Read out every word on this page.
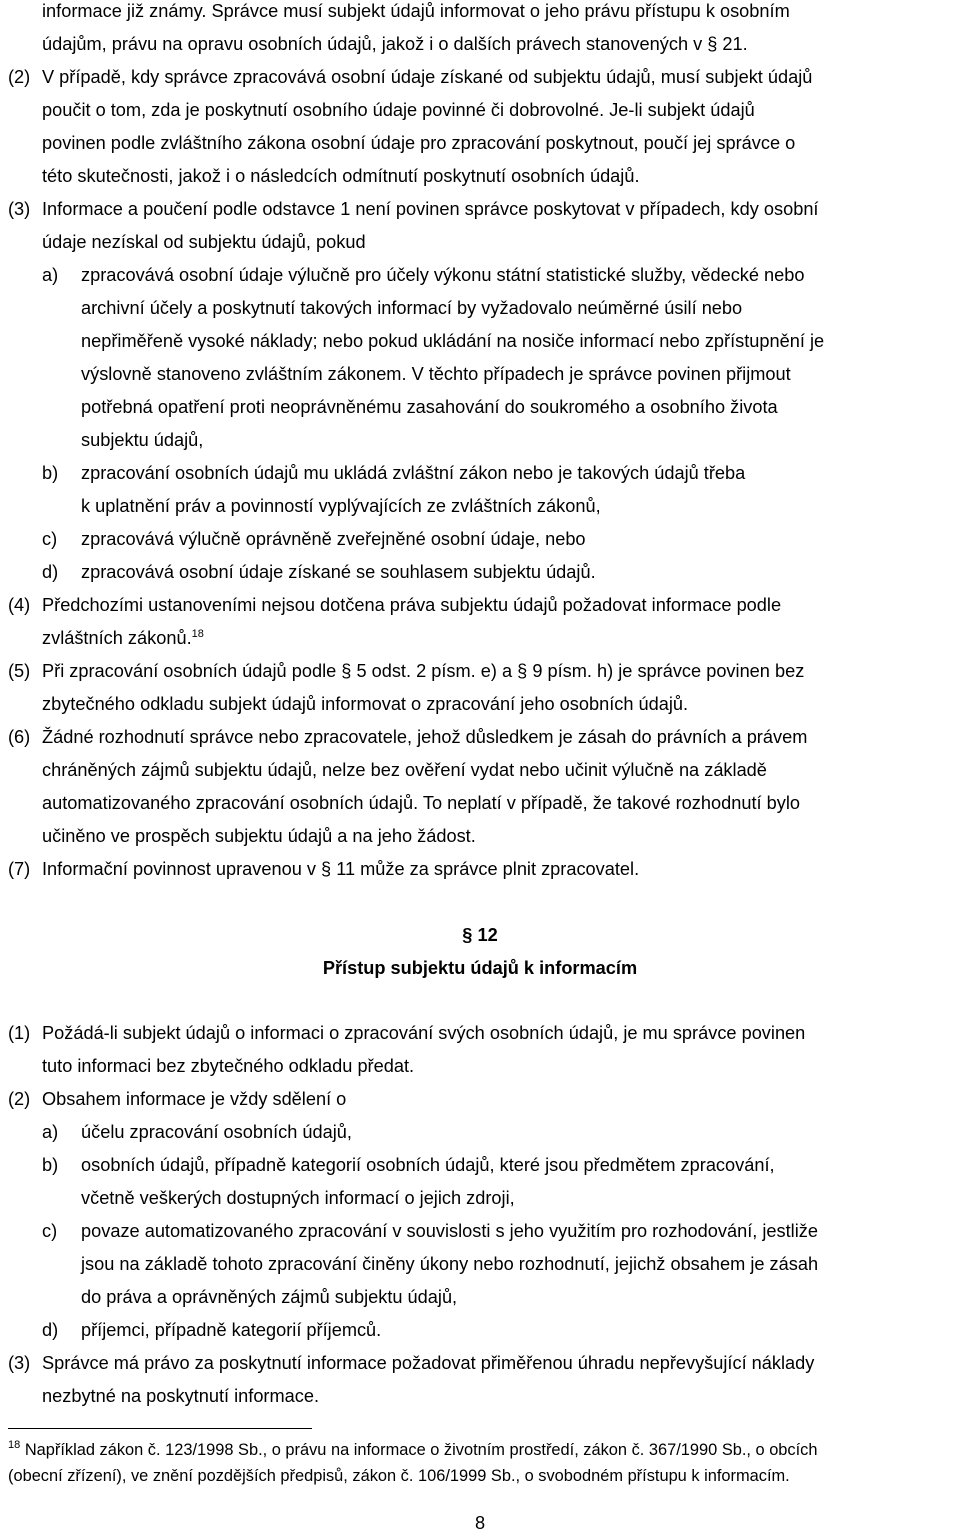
informace již známy. Správce musí subjekt údajů informovat o jeho právu přístupu k osobním
údajům, právu na opravu osobních údajů, jakož i o dalších právech stanovených v § 21.
(2) V případě, kdy správce zpracovává osobní údaje získané od subjektu údajů, musí subjekt údajů
poučit o tom, zda je poskytnutí osobního údaje povinné či dobrovolné. Je-li subjekt údajů
povinen podle zvláštního zákona osobní údaje pro zpracování poskytnout, poučí jej správce o
této skutečnosti, jakož i o následcích odmítnutí poskytnutí osobních údajů.
(3) Informace a poučení podle odstavce 1 není povinen správce poskytovat v případech, kdy osobní
údaje nezískal od subjektu údajů, pokud
a) zpracovává osobní údaje výlučně pro účely výkonu státní statistické služby, vědecké nebo
archivní účely a poskytnutí takových informací by vyžadovalo neúměrné úsilí nebo
nepřiměřeně vysoké náklady; nebo pokud ukládání na nosiče informací nebo zpřístupnění je
výslovně stanoveno zvláštním zákonem. V těchto případech je správce povinen přijmout
potřebná opatření proti neoprávněnému zasahování do soukromého a osobního života
subjektu údajů,
b) zpracování osobních údajů mu ukládá zvláštní zákon nebo je takových údajů třeba
k uplatnění práv a povinností vyplývajících ze zvláštních zákonů,
c) zpracovává výlučně oprávněně zveřejněné osobní údaje, nebo
d) zpracovává osobní údaje získané se souhlasem subjektu údajů.
(4) Předchozími ustanoveními nejsou dotčena práva subjektu údajů požadovat informace podle
zvláštních zákonů.$^{18}$
(5) Při zpracování osobních údajů podle § 5 odst. 2 písm. e) a § 9 písm. h) je správce povinen bez
zbytečného odkladu subjekt údajů informovat o zpracování jeho osobních údajů.
(6) Žádné rozhodnutí správce nebo zpracovatele, jehož důsledkem je zásah do právních a právem
chráněných zájmů subjektu údajů, nelze bez ověření vydat nebo učinit výlučně na základě
automatizovaného zpracování osobních údajů. To neplatí v případě, že takové rozhodnutí bylo
učiněno ve prospěch subjektu údajů a na jeho žádost.
(7) Informační povinnost upravenou v § 11 může za správce plnit zpracovatel.
§ 12
Přístup subjektu údajů k informacím
(1) Požádá-li subjekt údajů o informaci o zpracování svých osobních údajů, je mu správce povinen
tuto informaci bez zbytečného odkladu předat.
(2) Obsahem informace je vždy sdělení o
a) účelu zpracování osobních údajů,
b) osobních údajů, případně kategorií osobních údajů, které jsou předmětem zpracování,
včetně veškerých dostupných informací o jejich zdroji,
c) povaze automatizovaného zpracování v souvislosti s jeho využitím pro rozhodování, jestliže
jsou na základě tohoto zpracování činěny úkony nebo rozhodnutí, jejichž obsahem je zásah
do práva a oprávněných zájmů subjektu údajů,
d) příjemci, případně kategorií příjemců.
(3) Správce má právo za poskytnutí informace požadovat přiměřenou úhradu nepřevyšující náklady
nezbytné na poskytnutí informace.
$^{18}$ Například zákon č. 123/1998 Sb., o právu na informace o životním prostředí, zákon č. 367/1990 Sb., o obcích
(obecní zřízení), ve znění pozdějších předpisů, zákon č. 106/1999 Sb., o svobodném přístupu k informacím.
8
